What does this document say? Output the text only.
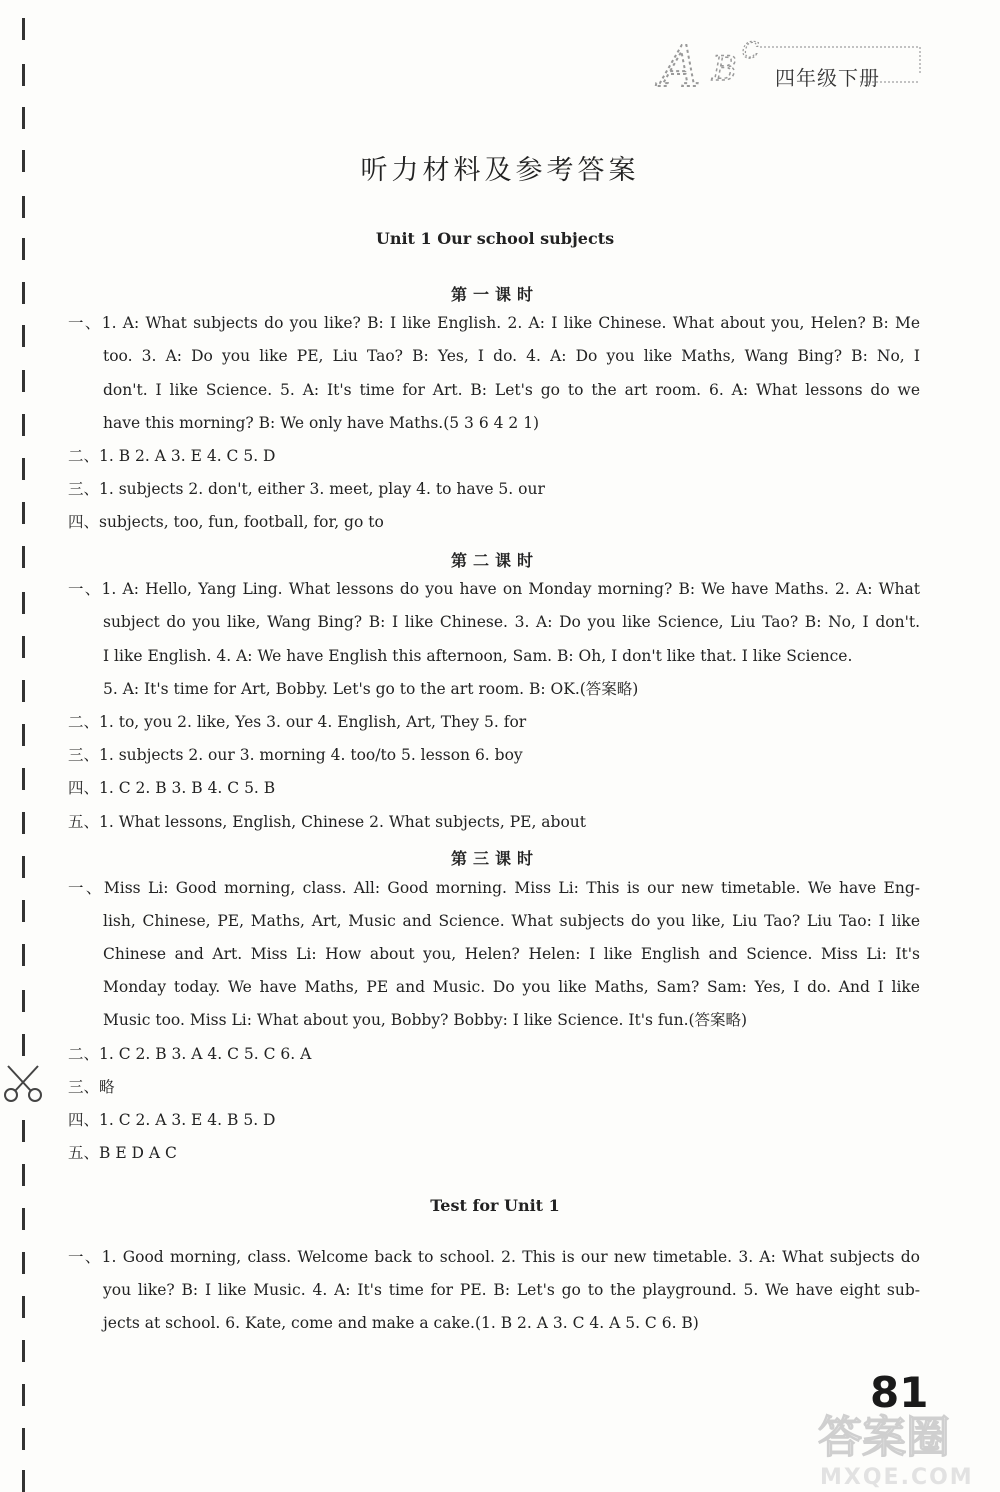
A B C
四年级下册
听力材料及参考答案
Unit 1 Our school subjects
第一课时
一、1. A: What subjects do you like? B: I like English. 2. A: I like Chinese. What about you, Helen? B: Me
too. 3. A: Do you like PE, Liu Tao? B: Yes, I do. 4. A: Do you like Maths, Wang Bing? B: No, I
don't. I like Science. 5. A: It's time for Art. B: Let's go to the art room. 6. A: What lessons do we
have this morning? B: We only have Maths.(5 3 6 4 2 1)
二、1. B 2. A 3. E 4. C 5. D
三、1. subjects 2. don't, either 3. meet, play 4. to have 5. our
四、subjects, too, fun, football, for, go to
第二课时
一、1. A: Hello, Yang Ling. What lessons do you have on Monday morning? B: We have Maths. 2. A: What
subject do you like, Wang Bing? B: I like Chinese. 3. A: Do you like Science, Liu Tao? B: No, I don't.
I like English. 4. A: We have English this afternoon, Sam. B: Oh, I don't like that. I like Science.
5. A: It's time for Art, Bobby. Let's go to the art room. B: OK.(答案略)
二、1. to, you 2. like, Yes 3. our 4. English, Art, They 5. for
三、1. subjects 2. our 3. morning 4. too/to 5. lesson 6. boy
四、1. C 2. B 3. B 4. C 5. B
五、1. What lessons, English, Chinese 2. What subjects, PE, about
第三课时
一、Miss Li: Good morning, class. All: Good morning. Miss Li: This is our new timetable. We have Eng-
lish, Chinese, PE, Maths, Art, Music and Science. What subjects do you like, Liu Tao? Liu Tao: I like
Chinese and Art. Miss Li: How about you, Helen? Helen: I like English and Science. Miss Li: It's
Monday today. We have Maths, PE and Music. Do you like Maths, Sam? Sam: Yes, I do. And I like
Music too. Miss Li: What about you, Bobby? Bobby: I like Science. It's fun.(答案略)
二、1. C 2. B 3. A 4. C 5. C 6. A
三、略
四、1. C 2. A 3. E 4. B 5. D
五、B E D A C
一、1. Good morning, class. Welcome back to school. 2. This is our new timetable. 3. A: What subjects do
you like? B: I like Music. 4. A: It's time for PE. B: Let's go to the playground. 5. We have eight sub-
jects at school. 6. Kate, come and make a cake.(1. B 2. A 3. C 4. A 5. C 6. B)
Test for Unit 1
81
答案圈
MXQE.COM
